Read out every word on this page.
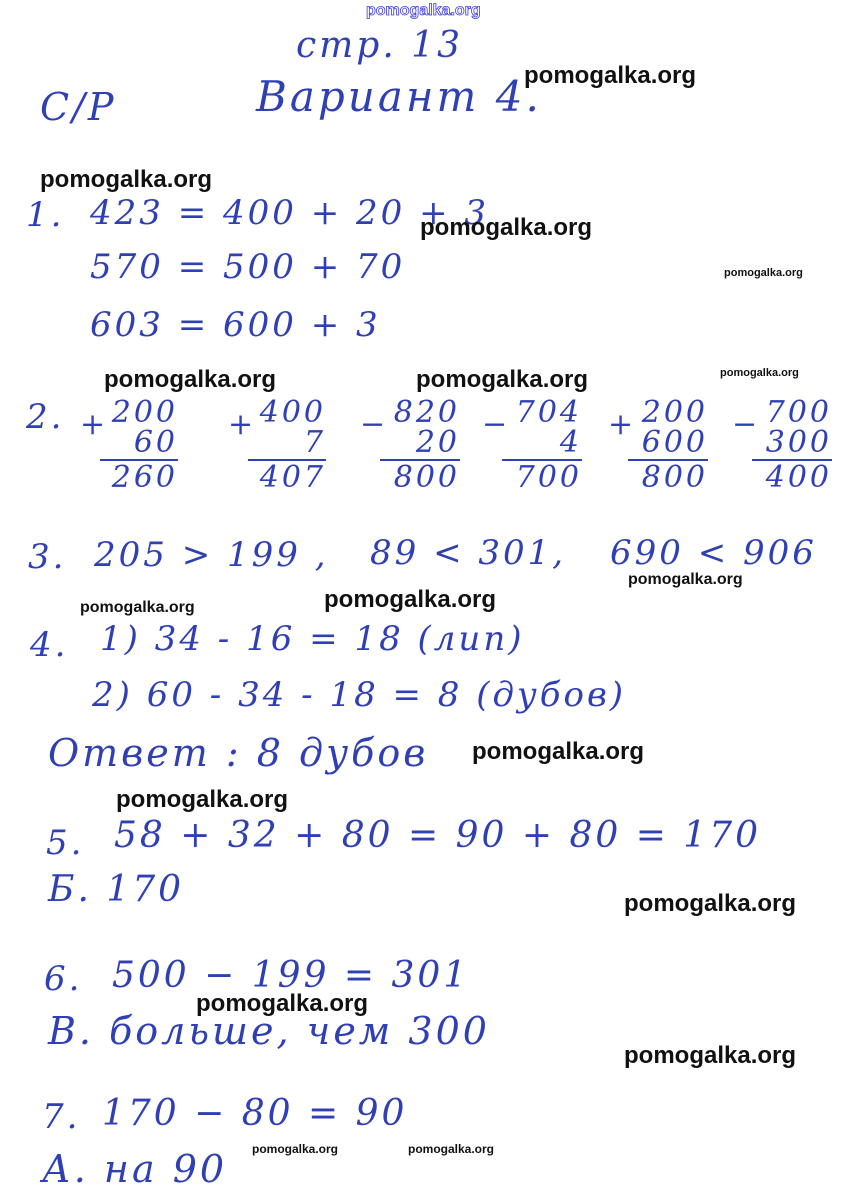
pomogalka.org
стр. 13
С/Р	Вариант 4.
1. 423 = 400 + 20 + 3
570 = 500 + 70
603 = 600 + 3
2. + 200
60
260
+ 400
7
407
− 820
20
800
− 704
4
700
+ 200
600
800
− 700
300
400
3. 205 > 199 , 89 < 301, 690 < 906
4. 1) 34 - 16 = 18 (лип)
2) 60 - 34 - 18 = 8 (дубов)
Ответ : 8 дубов
5. 58 + 32 + 80 = 90 + 80 = 170
Б. 170
6. 500 − 199 = 301
В. больше, чем 300
7. 170 − 80 = 90
А. на 90
pomogalka.org
pomogalka.org
pomogalka.org
pomogalka.org
pomogalka.org
pomogalka.org	pomogalka.org
pomogalka.org
pomogalka.org	pomogalka.org
pomogalka.org
pomogalka.org
pomogalka.org
pomogalka.org
pomogalka.org
pomogalka.org	pomogalka.org
